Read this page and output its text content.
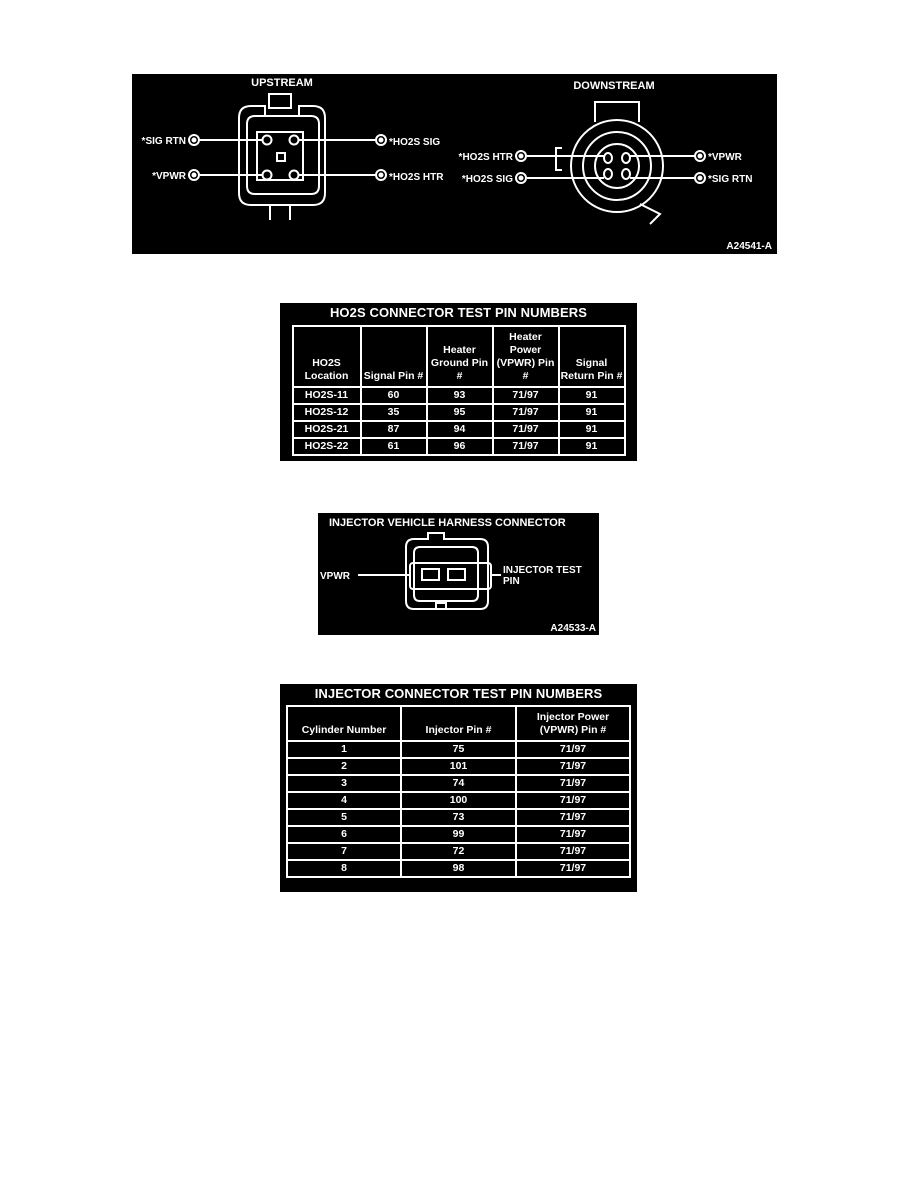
UPSTREAM
*SIG RTN
*VPWR
*HO2S SIG
*HO2S HTR
DOWNSTREAM
*HO2S HTR
*HO2S SIG
*VPWR
*SIG RTN
A24541-A
HO2S CONNECTOR TEST PIN NUMBERS
HO2S Location	Signal Pin #	Heater Ground Pin #	Heater Power (VPWR) Pin #	Signal Return Pin #
HO2S-11	60	93	71/97	91
HO2S-12	35	95	71/97	91
HO2S-21	87	94	71/97	91
HO2S-22	61	96	71/97	91
INJECTOR VEHICLE HARNESS CONNECTOR
VPWR
INJECTOR TEST PIN
A24533-A
INJECTOR CONNECTOR TEST PIN NUMBERS
Cylinder Number	Injector Pin #	Injector Power (VPWR) Pin #
1	75	71/97
2	101	71/97
3	74	71/97
4	100	71/97
5	73	71/97
6	99	71/97
7	72	71/97
8	98	71/97
